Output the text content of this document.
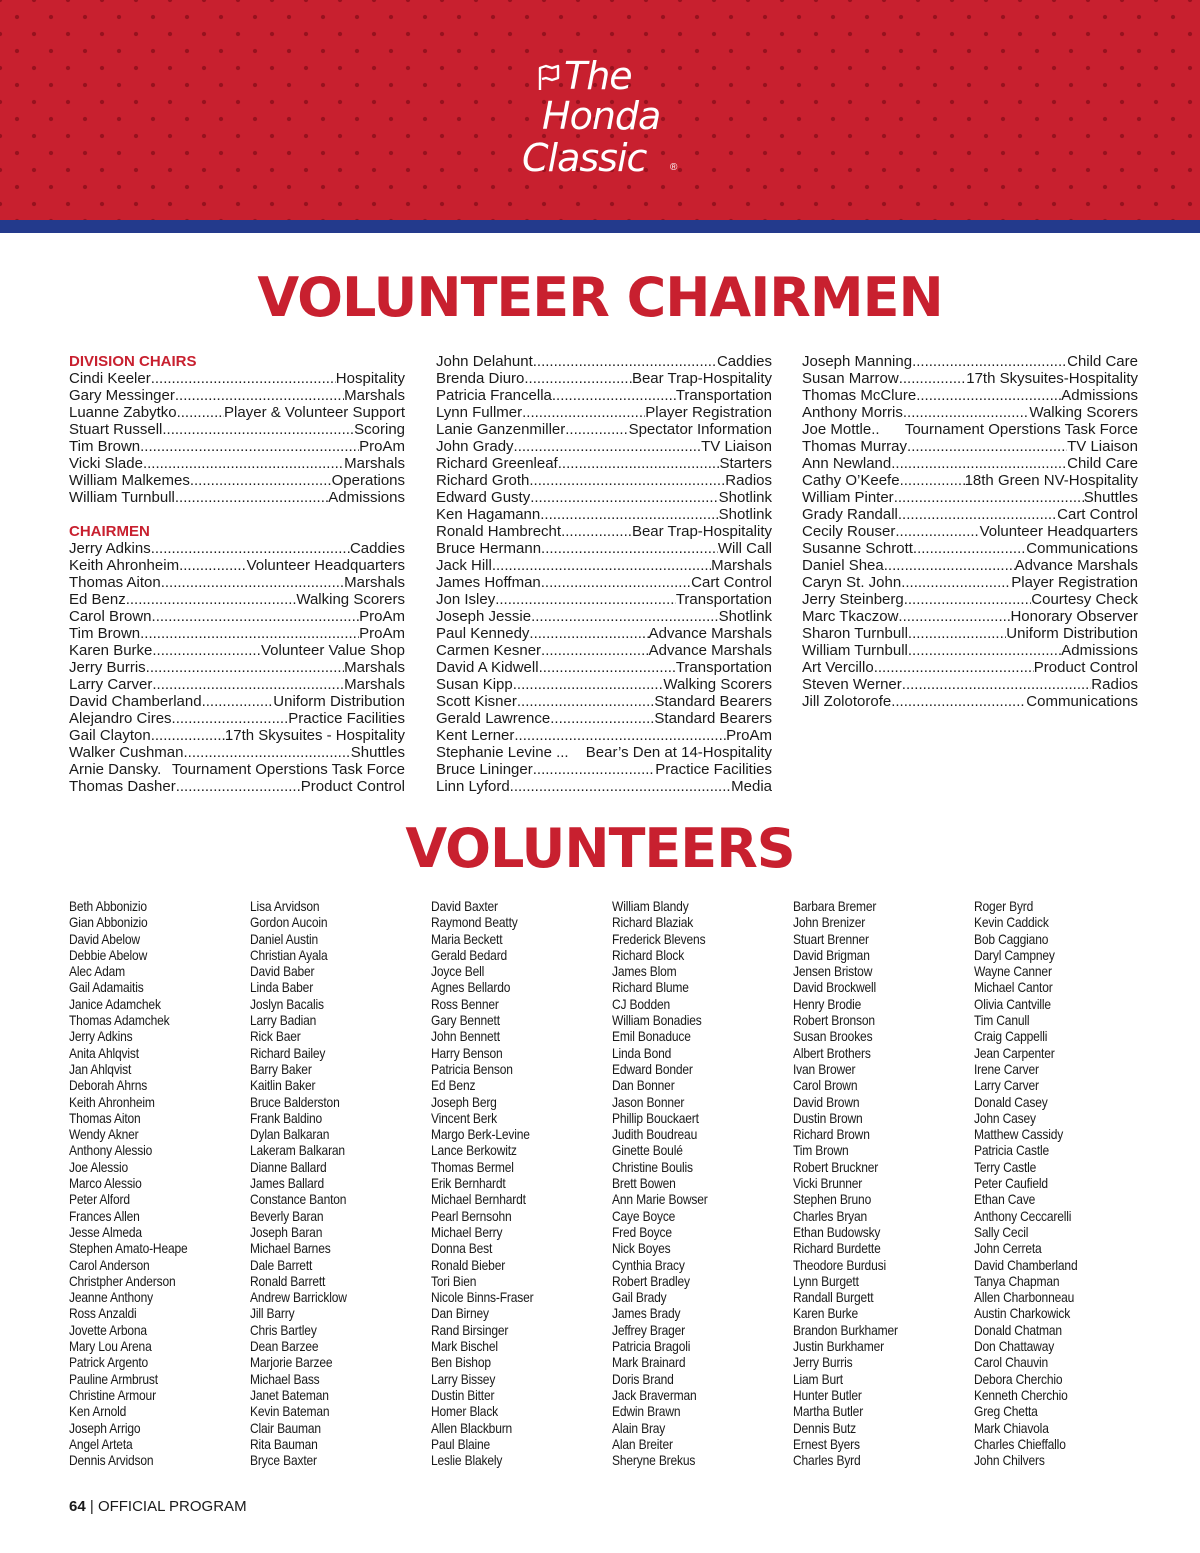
The
Honda
Classic ®
VOLUNTEER CHAIRMEN
DIVISION CHAIRS
Cindi Keeler .....	Hospitality
Gary Messinger .....	Marshals
Luanne Zabytko .....	Player & Volunteer Support
Stuart Russell .....	Scoring
Tim Brown .....	ProAm
Vicki Slade .....	Marshals
William Malkemes .....	Operations
William Turnbull .....	Admissions
CHAIRMEN
Jerry Adkins .....	Caddies
Keith Ahronheim .....	Volunteer Headquarters
Thomas Aiton .....	Marshals
Ed Benz .....	Walking Scorers
Carol Brown .....	ProAm
Tim Brown .....	ProAm
Karen Burke .....	Volunteer Value Shop
Jerry Burris .....	Marshals
Larry Carver .....	Marshals
David Chamberland .....	Uniform Distribution
Alejandro Cires .....	Practice Facilities
Gail Clayton .....	17th Skysuites - Hospitality
Walker Cushman .....	Shuttles
Arnie Dansky. Tournament Operstions Task Force
Thomas Dasher .....	Product Control
John Delahunt .....	Caddies
Brenda Diuro .....	Bear Trap-Hospitality
Patricia Francella .....	Transportation
Lynn Fullmer .....	Player Registration
Lanie Ganzenmiller .....	Spectator Information
John Grady .....	TV Liaison
Richard Greenleaf .....	Starters
Richard Groth .....	Radios
Edward Gusty .....	Shotlink
Ken Hagamann .....	Shotlink
Ronald Hambrecht .....	Bear Trap-Hospitality
Bruce Hermann .....	Will Call
Jack Hill .....	Marshals
James Hoffman .....	Cart Control
Jon Isley .....	Transportation
Joseph Jessie .....	Shotlink
Paul Kennedy .....	Advance Marshals
Carmen Kesner .....	Advance Marshals
David A Kidwell .....	Transportation
Susan Kipp .....	Walking Scorers
Scott Kisner .....	Standard Bearers
Gerald Lawrence .....	Standard Bearers
Kent Lerner .....	ProAm
Stephanie Levine ... Bear’s Den at 14-Hospitality
Bruce Lininger .....	Practice Facilities
Linn Lyford .....	Media
Joseph Manning .....	Child Care
Susan Marrow .....	17th Skysuites-Hospitality
Thomas McClure .....	Admissions
Anthony Morris .....	Walking Scorers
Joe Mottle.. Tournament Operstions Task Force
Thomas Murray .....	TV Liaison
Ann Newland .....	Child Care
Cathy O’Keefe .....	18th Green NV-Hospitality
William Pinter .....	Shuttles
Grady Randall .....	Cart Control
Cecily Rouser .....	Volunteer Headquarters
Susanne Schrott .....	Communications
Daniel Shea .....	Advance Marshals
Caryn St. John .....	Player Registration
Jerry Steinberg .....	Courtesy Check
Marc Tkaczow .....	Honorary Observer
Sharon Turnbull .....	Uniform Distribution
William Turnbull .....	Admissions
Art Vercillo .....	Product Control
Steven Werner .....	Radios
Jill Zolotorofe .....	Communications
VOLUNTEERS
Beth Abbonizio
Gian Abbonizio
David Abelow
Debbie Abelow
Alec Adam
Gail Adamaitis
Janice Adamchek
Thomas Adamchek
Jerry Adkins
Anita Ahlqvist
Jan Ahlqvist
Deborah Ahrns
Keith Ahronheim
Thomas Aiton
Wendy Akner
Anthony Alessio
Joe Alessio
Marco Alessio
Peter Alford
Frances Allen
Jesse Almeda
Stephen Amato-Heape
Carol Anderson
Christpher Anderson
Jeanne Anthony
Ross Anzaldi
Jovette Arbona
Mary Lou Arena
Patrick Argento
Pauline Armbrust
Christine Armour
Ken Arnold
Joseph Arrigo
Angel Arteta
Dennis Arvidson
Lisa Arvidson
Gordon Aucoin
Daniel Austin
Christian Ayala
David Baber
Linda Baber
Joslyn Bacalis
Larry Badian
Rick Baer
Richard Bailey
Barry Baker
Kaitlin Baker
Bruce Balderston
Frank Baldino
Dylan Balkaran
Lakeram Balkaran
Dianne Ballard
James Ballard
Constance Banton
Beverly Baran
Joseph Baran
Michael Barnes
Dale Barrett
Ronald Barrett
Andrew Barricklow
Jill Barry
Chris Bartley
Dean Barzee
Marjorie Barzee
Michael Bass
Janet Bateman
Kevin Bateman
Clair Bauman
Rita Bauman
Bryce Baxter
David Baxter
Raymond Beatty
Maria Beckett
Gerald Bedard
Joyce Bell
Agnes Bellardo
Ross Benner
Gary Bennett
John Bennett
Harry Benson
Patricia Benson
Ed Benz
Joseph Berg
Vincent Berk
Margo Berk-Levine
Lance Berkowitz
Thomas Bermel
Erik Bernhardt
Michael Bernhardt
Pearl Bernsohn
Michael Berry
Donna Best
Ronald Bieber
Tori Bien
Nicole Binns-Fraser
Dan Birney
Rand Birsinger
Mark Bischel
Ben Bishop
Larry Bissey
Dustin Bitter
Homer Black
Allen Blackburn
Paul Blaine
Leslie Blakely
William Blandy
Richard Blaziak
Frederick Blevens
Richard Block
James Blom
Richard Blume
CJ Bodden
William Bonadies
Emil Bonaduce
Linda Bond
Edward Bonder
Dan Bonner
Jason Bonner
Phillip Bouckaert
Judith Boudreau
Ginette Boulé
Christine Boulis
Brett Bowen
Ann Marie Bowser
Caye Boyce
Fred Boyce
Nick Boyes
Cynthia Bracy
Robert Bradley
Gail Brady
James Brady
Jeffrey Brager
Patricia Bragoli
Mark Brainard
Doris Brand
Jack Braverman
Edwin Brawn
Alain Bray
Alan Breiter
Sheryne Brekus
Barbara Bremer
John Brenizer
Stuart Brenner
David Brigman
Jensen Bristow
David Brockwell
Henry Brodie
Robert Bronson
Susan Brookes
Albert Brothers
Ivan Brower
Carol Brown
David Brown
Dustin Brown
Richard Brown
Tim Brown
Robert Bruckner
Vicki Brunner
Stephen Bruno
Charles Bryan
Ethan Budowsky
Richard Burdette
Theodore Burdusi
Lynn Burgett
Randall Burgett
Karen Burke
Brandon Burkhamer
Justin Burkhamer
Jerry Burris
Liam Burt
Hunter Butler
Martha Butler
Dennis Butz
Ernest Byers
Charles Byrd
Roger Byrd
Kevin Caddick
Bob Caggiano
Daryl Campney
Wayne Canner
Michael Cantor
Olivia Cantville
Tim Canull
Craig Cappelli
Jean Carpenter
Irene Carver
Larry Carver
Donald Casey
John Casey
Matthew Cassidy
Patricia Castle
Terry Castle
Peter Caufield
Ethan Cave
Anthony Ceccarelli
Sally Cecil
John Cerreta
David Chamberland
Tanya Chapman
Allen Charbonneau
Austin Charkowick
Donald Chatman
Don Chattaway
Carol Chauvin
Debora Cherchio
Kenneth Cherchio
Greg Chetta
Mark Chiavola
Charles Chieffallo
John Chilvers
64 | OFFICIAL PROGRAM
